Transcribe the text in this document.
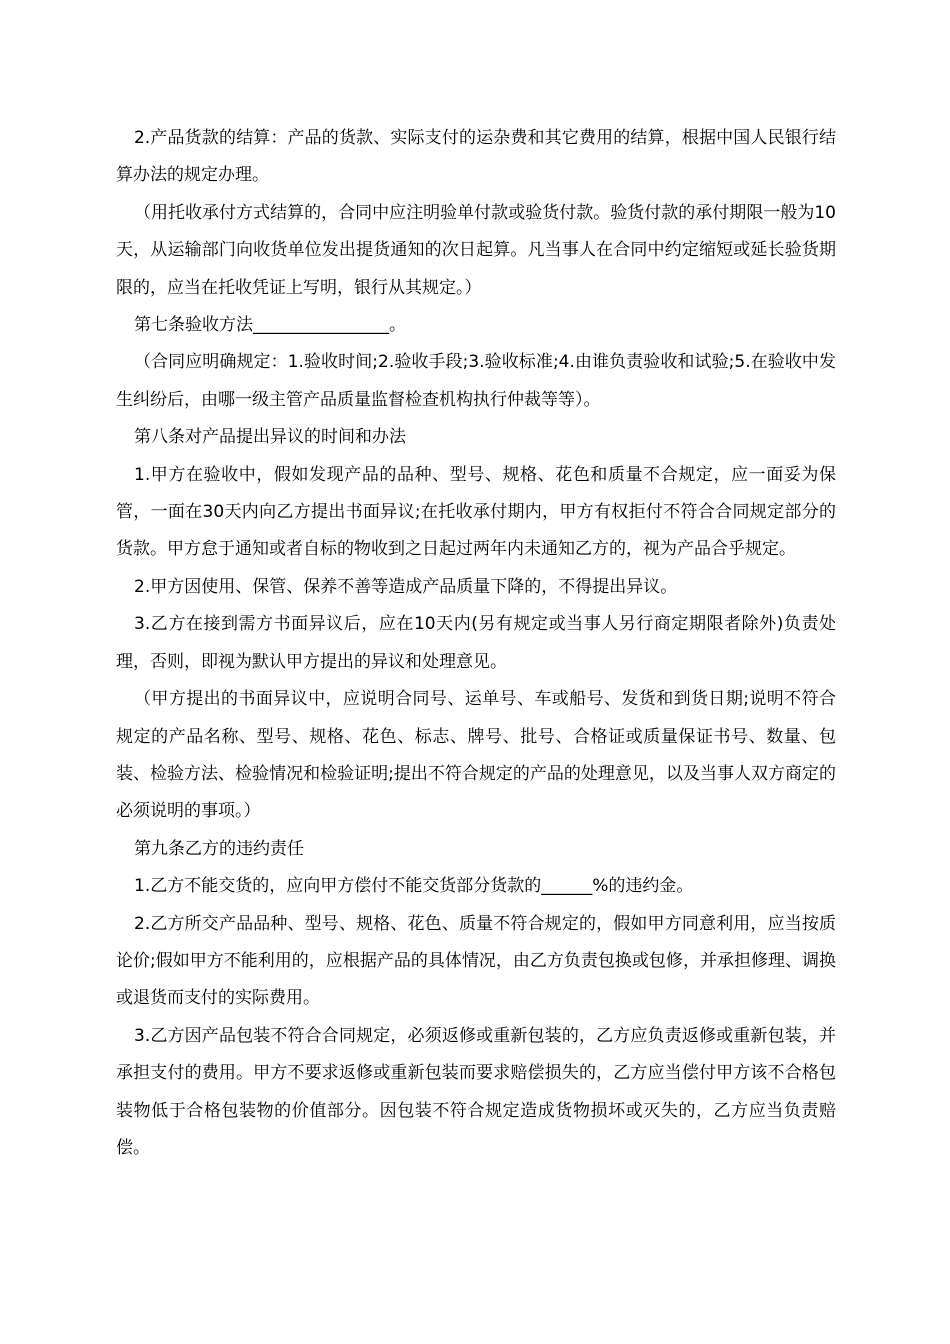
2.产品货款的结算：产品的货款、实际支付的运杂费和其它费用的结算，根据中国人民银行结算办法的规定办理。

（用托收承付方式结算的，合同中应注明验单付款或验货付款。验货付款的承付期限一般为10天，从运输部门向收货单位发出提货通知的次日起算。凡当事人在合同中约定缩短或延长验货期限的，应当在托收凭证上写明，银行从其规定。）

第七条验收方法________________。

（合同应明确规定：1.验收时间;2.验收手段;3.验收标准;4.由谁负责验收和试验;5.在验收中发生纠纷后，由哪一级主管产品质量监督检查机构执行仲裁等等）。

第八条对产品提出异议的时间和办法

1.甲方在验收中，假如发现产品的品种、型号、规格、花色和质量不合规定，应一面妥为保管，一面在30天内向乙方提出书面异议;在托收承付期内，甲方有权拒付不符合合同规定部分的货款。甲方怠于通知或者自标的物收到之日起过两年内未通知乙方的，视为产品合乎规定。

2.甲方因使用、保管、保养不善等造成产品质量下降的，不得提出异议。

3.乙方在接到需方书面异议后，应在10天内(另有规定或当事人另行商定期限者除外)负责处理，否则，即视为默认甲方提出的异议和处理意见。

（甲方提出的书面异议中，应说明合同号、运单号、车或船号、发货和到货日期;说明不符合规定的产品名称、型号、规格、花色、标志、牌号、批号、合格证或质量保证书号、数量、包装、检验方法、检验情况和检验证明;提出不符合规定的产品的处理意见，以及当事人双方商定的必须说明的事项。）

第九条乙方的违约责任

1.乙方不能交货的，应向甲方偿付不能交货部分货款的______%的违约金。

2.乙方所交产品品种、型号、规格、花色、质量不符合规定的，假如甲方同意利用，应当按质论价;假如甲方不能利用的，应根据产品的具体情况，由乙方负责包换或包修，并承担修理、调换或退货而支付的实际费用。

3.乙方因产品包装不符合合同规定，必须返修或重新包装的，乙方应负责返修或重新包装，并承担支付的费用。甲方不要求返修或重新包装而要求赔偿损失的，乙方应当偿付甲方该不合格包装物低于合格包装物的价值部分。因包装不符合规定造成货物损坏或灭失的，乙方应当负责赔偿。
